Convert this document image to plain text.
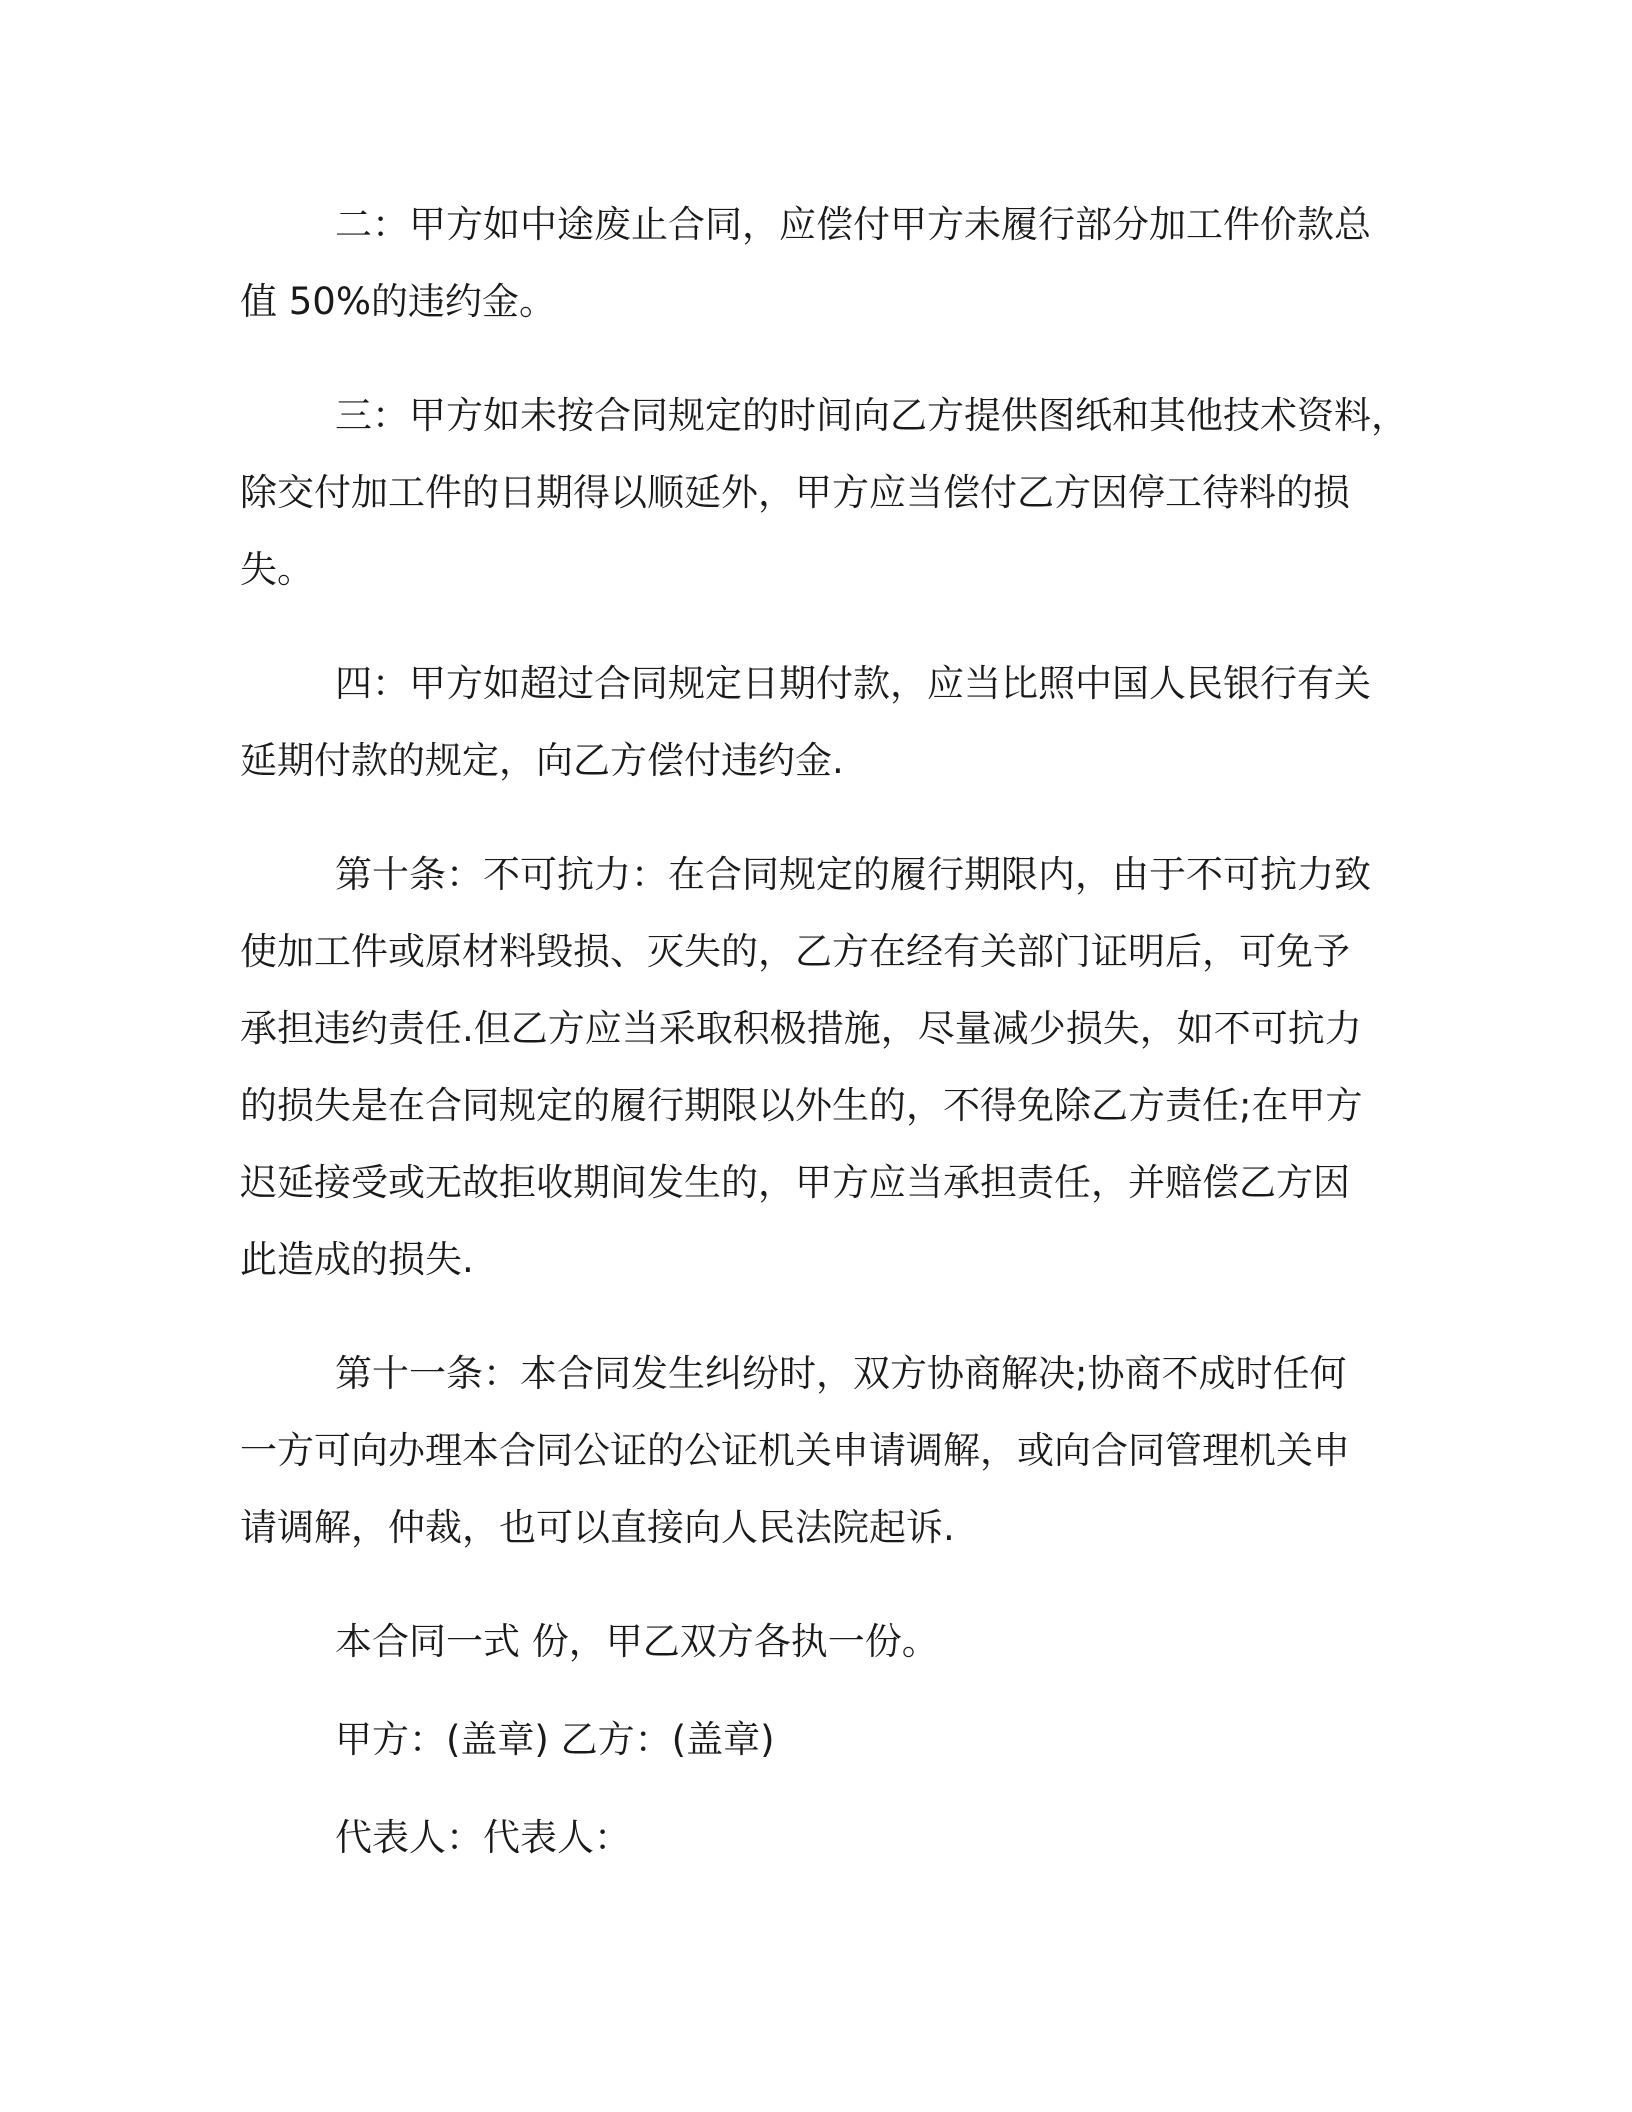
二：甲方如中途废止合同，应偿付甲方未履行部分加工件价款总
值 50%的违约金。
三：甲方如未按合同规定的时间向乙方提供图纸和其他技术资料，
除交付加工件的日期得以顺延外，甲方应当偿付乙方因停工待料的损
失。
四：甲方如超过合同规定日期付款，应当比照中国人民银行有关
延期付款的规定，向乙方偿付违约金.
第十条：不可抗力：在合同规定的履行期限内，由于不可抗力致
使加工件或原材料毁损、灭失的，乙方在经有关部门证明后，可免予
承担违约责任.但乙方应当采取积极措施，尽量减少损失，如不可抗力
的损失是在合同规定的履行期限以外生的，不得免除乙方责任;在甲方
迟延接受或无故拒收期间发生的，甲方应当承担责任，并赔偿乙方因
此造成的损失.
第十一条：本合同发生纠纷时，双方协商解决;协商不成时任何
一方可向办理本合同公证的公证机关申请调解，或向合同管理机关申
请调解，仲裁，也可以直接向人民法院起诉.
本合同一式 份，甲乙双方各执一份。
甲方：(盖章) 乙方：(盖章)
代表人：代表人：
